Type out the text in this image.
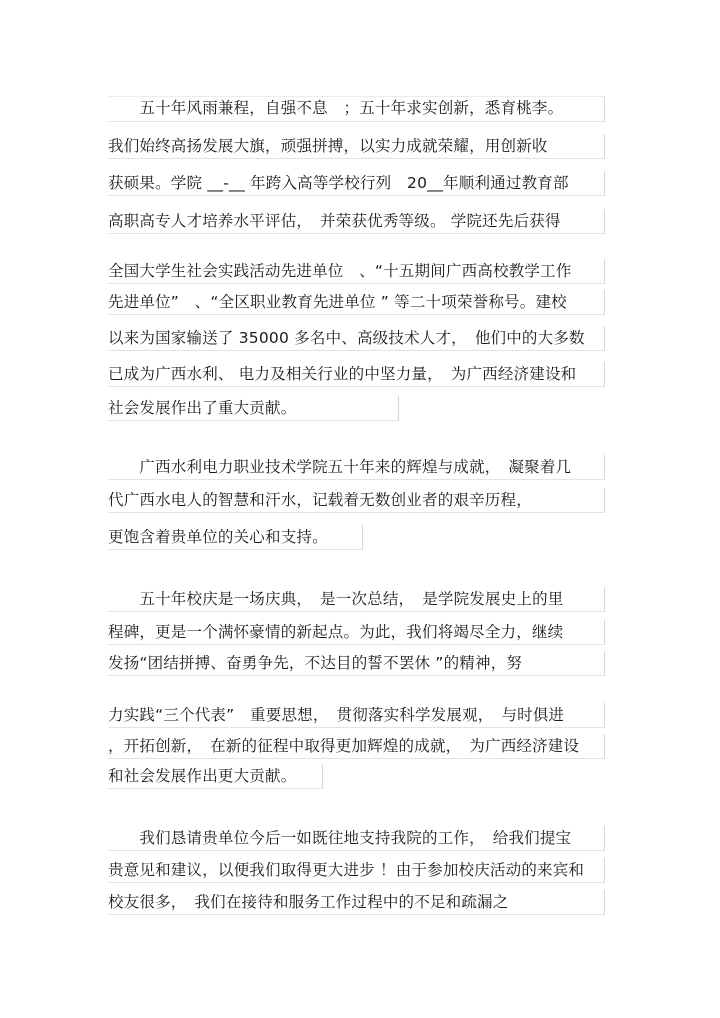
　　五十年风雨兼程，自强不息　；五十年求实创新，悉育桃李。
我们始终高扬发展大旗，顽强拼搏，以实力成就荣耀，用创新收
获硕果。学院 __-__ 年跨入高等学校行列　20__年顺利通过教育部
高职高专人才培养水平评估，　并荣获优秀等级。 学院还先后获得
全国大学生社会实践活动先进单位　、“十五期间广西高校教学工作
先进单位”　、“全区职业教育先进单位 ” 等二十项荣誉称号。建校
以来为国家输送了 35000 多名中、高级技术人才，　他们中的大多数
已成为广西水利、 电力及相关行业的中坚力量，　为广西经济建设和
社会发展作出了重大贡献。
　　广西水利电力职业技术学院五十年来的辉煌与成就，　凝聚着几
代广西水电人的智慧和汗水，记载着无数创业者的艰辛历程，
更饱含着贵单位的关心和支持。
　　五十年校庆是一场庆典，　是一次总结，　是学院发展史上的里
程碑，更是一个满怀豪情的新起点。为此，我们将竭尽全力，继续
发扬“团结拼搏、奋勇争先，不达目的誓不罢休 ”的精神，努
力实践“三个代表”　重要思想，　贯彻落实科学发展观，　与时俱进
，开拓创新，　在新的征程中取得更加辉煌的成就，　为广西经济建设
和社会发展作出更大贡献。
　　我们恳请贵单位今后一如既往地支持我院的工作，　给我们提宝
贵意见和建议，以便我们取得更大进步 ！由于参加校庆活动的来宾和
校友很多，　我们在接待和服务工作过程中的不足和疏漏之
